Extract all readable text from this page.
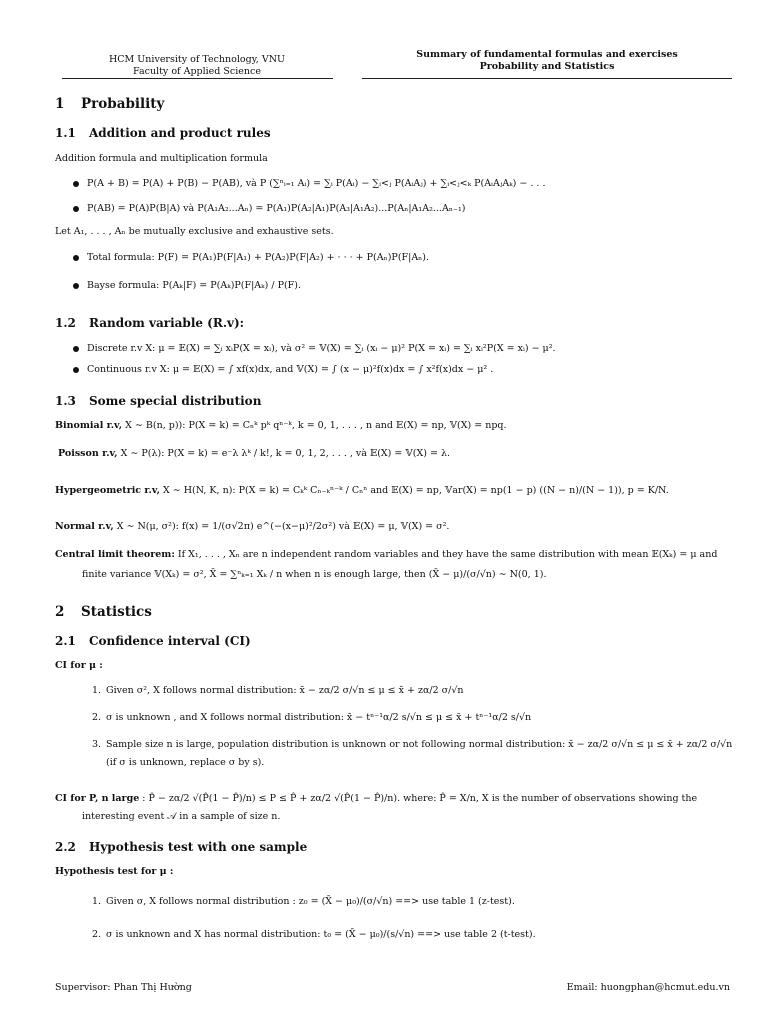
HCM University of Technology, VNU
Faculty of Applied Science
Summary of fundamental formulas and exercises
Probability and Statistics
1 Probability
1.1 Addition and product rules
Addition formula and multiplication formula
P(A + B) = P(A) + P(B) − P(AB), và P (∑ⁿᵢ₌₁ Aᵢ) = ∑ᵢ P(Aᵢ) − ∑ᵢ<ⱼ P(AᵢAⱼ) + ∑ᵢ<ⱼ<ₖ P(AᵢAⱼAₖ) − . . .
P(AB) = P(A)P(B|A) và P(A₁A₂...Aₙ) = P(A₁)P(A₂|A₁)P(A₃|A₁A₂)...P(Aₙ|A₁A₂...Aₙ₋₁)
Let A₁, . . . , Aₙ be mutually exclusive and exhaustive sets.
Total formula: P(F) = P(A₁)P(F|A₁) + P(A₂)P(F|A₂) + · · · + P(Aₙ)P(F|Aₙ).
Bayse formula: P(Aₖ|F) = P(Aₖ)P(F|Aₖ) / P(F).
1.2 Random variable (R.v):
Discrete r.v X: μ = 𝔼(X) = ∑ᵢ xᵢP(X = xᵢ), và σ² = 𝕍(X) = ∑ᵢ (xᵢ − μ)² P(X = xᵢ) = ∑ᵢ xᵢ²P(X = xᵢ) − μ².
Continuous r.v X: μ = 𝔼(X) = ∫ xf(x)dx, and 𝕍(X) = ∫ (x − μ)²f(x)dx = ∫ x²f(x)dx − μ² .
1.3 Some special distribution
Binomial r.v, X ∼ B(n, p)): P(X = k) = Cₙᵏ pᵏ qⁿ⁻ᵏ, k = 0, 1, . . . , n and 𝔼(X) = np, 𝕍(X) = npq.
Poisson r.v, X ∼ P(λ): P(X = k) = e⁻λ λᵏ / k!, k = 0, 1, 2, . . . , và 𝔼(X) = 𝕍(X) = λ.
Hypergeometric r.v, X ∼ H(N, K, n): P(X = k) = Cₖᵏ Cₙ₋ₖⁿ⁻ᵏ / Cₙⁿ and 𝔼(X) = np, 𝕍ar(X) = np(1 − p) ((N − n)/(N − 1)), p = K/N.
Normal r.v, X ∼ N(μ, σ²): f(x) = 1/(σ√2π) e^(−(x−μ)²/2σ²) và 𝔼(X) = μ, 𝕍(X) = σ².
Central limit theorem: If X₁, . . . , Xₙ are n independent random variables and they have the same distribution with mean 𝔼(Xₖ) = μ and
finite variance 𝕍(Xₖ) = σ², X̄ = ∑ⁿₖ₌₁ Xₖ / n when n is enough large, then (X̄ − μ)/(σ/√n) ∼ N(0, 1).
2 Statistics
2.1 Confidence interval (CI)
CI for μ :
1. Given σ², X follows normal distribution: x̄ − zα/2 σ/√n ≤ μ ≤ x̄ + zα/2 σ/√n
2. σ is unknown , and X follows normal distribution: x̄ − tⁿ⁻¹α/2 s/√n ≤ μ ≤ x̄ + tⁿ⁻¹α/2 s/√n
3. Sample size n is large, population distribution is unknown or not following normal distribution: x̄ − zα/2 σ/√n ≤ μ ≤ x̄ + zα/2 σ/√n
(if σ is unknown, replace σ by s).
CI for P, n large : P̂ − zα/2 √(P̂(1 − P̂)/n) ≤ P ≤ P̂ + zα/2 √(P̂(1 − P̂)/n). where: P̂ = X/n, X is the number of observations showing the
interesting event 𝒜 in a sample of size n.
2.2 Hypothesis test with one sample
Hypothesis test for μ :
1. Given σ, X follows normal distribution : z₀ = (X̄ − μ₀)/(σ/√n) ==> use table 1 (z-test).
2. σ is unknown and X has normal distribution: t₀ = (X̄ − μ₀)/(s/√n) ==> use table 2 (t-test).
Supervisor: Phan Thị Hường	Email: huongphan@hcmut.edu.vn
